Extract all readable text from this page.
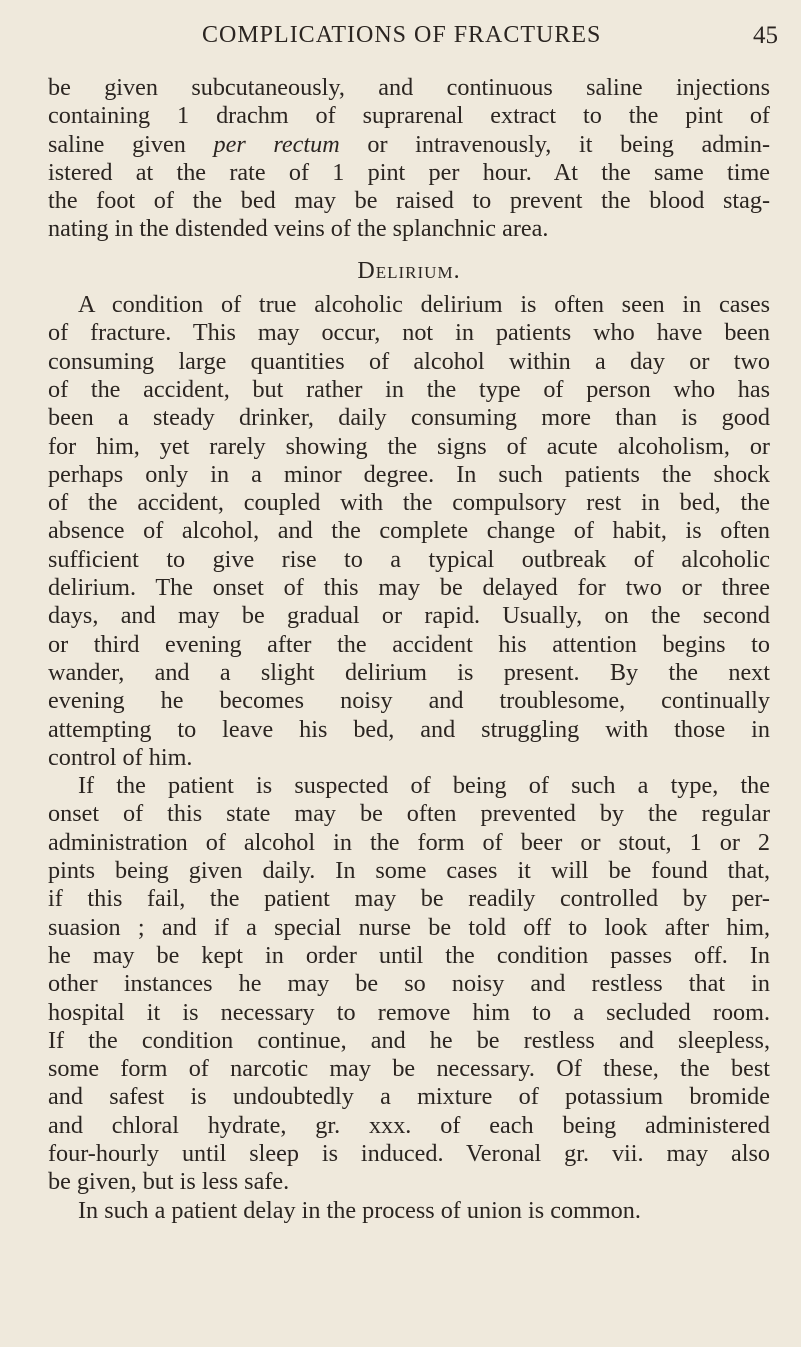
COMPLICATIONS OF FRACTURES	45
be given subcutaneously, and continuous saline injections
containing 1 drachm of suprarenal extract to the pint of
saline given per rectum or intravenously, it being admin-
istered at the rate of 1 pint per hour. At the same time
the foot of the bed may be raised to prevent the blood stag-
nating in the distended veins of the splanchnic area.
Delirium.
A condition of true alcoholic delirium is often seen in cases
of fracture. This may occur, not in patients who have been
consuming large quantities of alcohol within a day or two
of the accident, but rather in the type of person who has
been a steady drinker, daily consuming more than is good
for him, yet rarely showing the signs of acute alcoholism, or
perhaps only in a minor degree. In such patients the shock
of the accident, coupled with the compulsory rest in bed, the
absence of alcohol, and the complete change of habit, is often
sufficient to give rise to a typical outbreak of alcoholic
delirium. The onset of this may be delayed for two or three
days, and may be gradual or rapid. Usually, on the second
or third evening after the accident his attention begins to
wander, and a slight delirium is present. By the next
evening he becomes noisy and troublesome, continually
attempting to leave his bed, and struggling with those in
control of him.
If the patient is suspected of being of such a type, the
onset of this state may be often prevented by the regular
administration of alcohol in the form of beer or stout, 1 or 2
pints being given daily. In some cases it will be found that,
if this fail, the patient may be readily controlled by per-
suasion ; and if a special nurse be told off to look after him,
he may be kept in order until the condition passes off. In
other instances he may be so noisy and restless that in
hospital it is necessary to remove him to a secluded room.
If the condition continue, and he be restless and sleepless,
some form of narcotic may be necessary. Of these, the best
and safest is undoubtedly a mixture of potassium bromide
and chloral hydrate, gr. xxx. of each being administered
four-hourly until sleep is induced. Veronal gr. vii. may also
be given, but is less safe.
In such a patient delay in the process of union is common.
